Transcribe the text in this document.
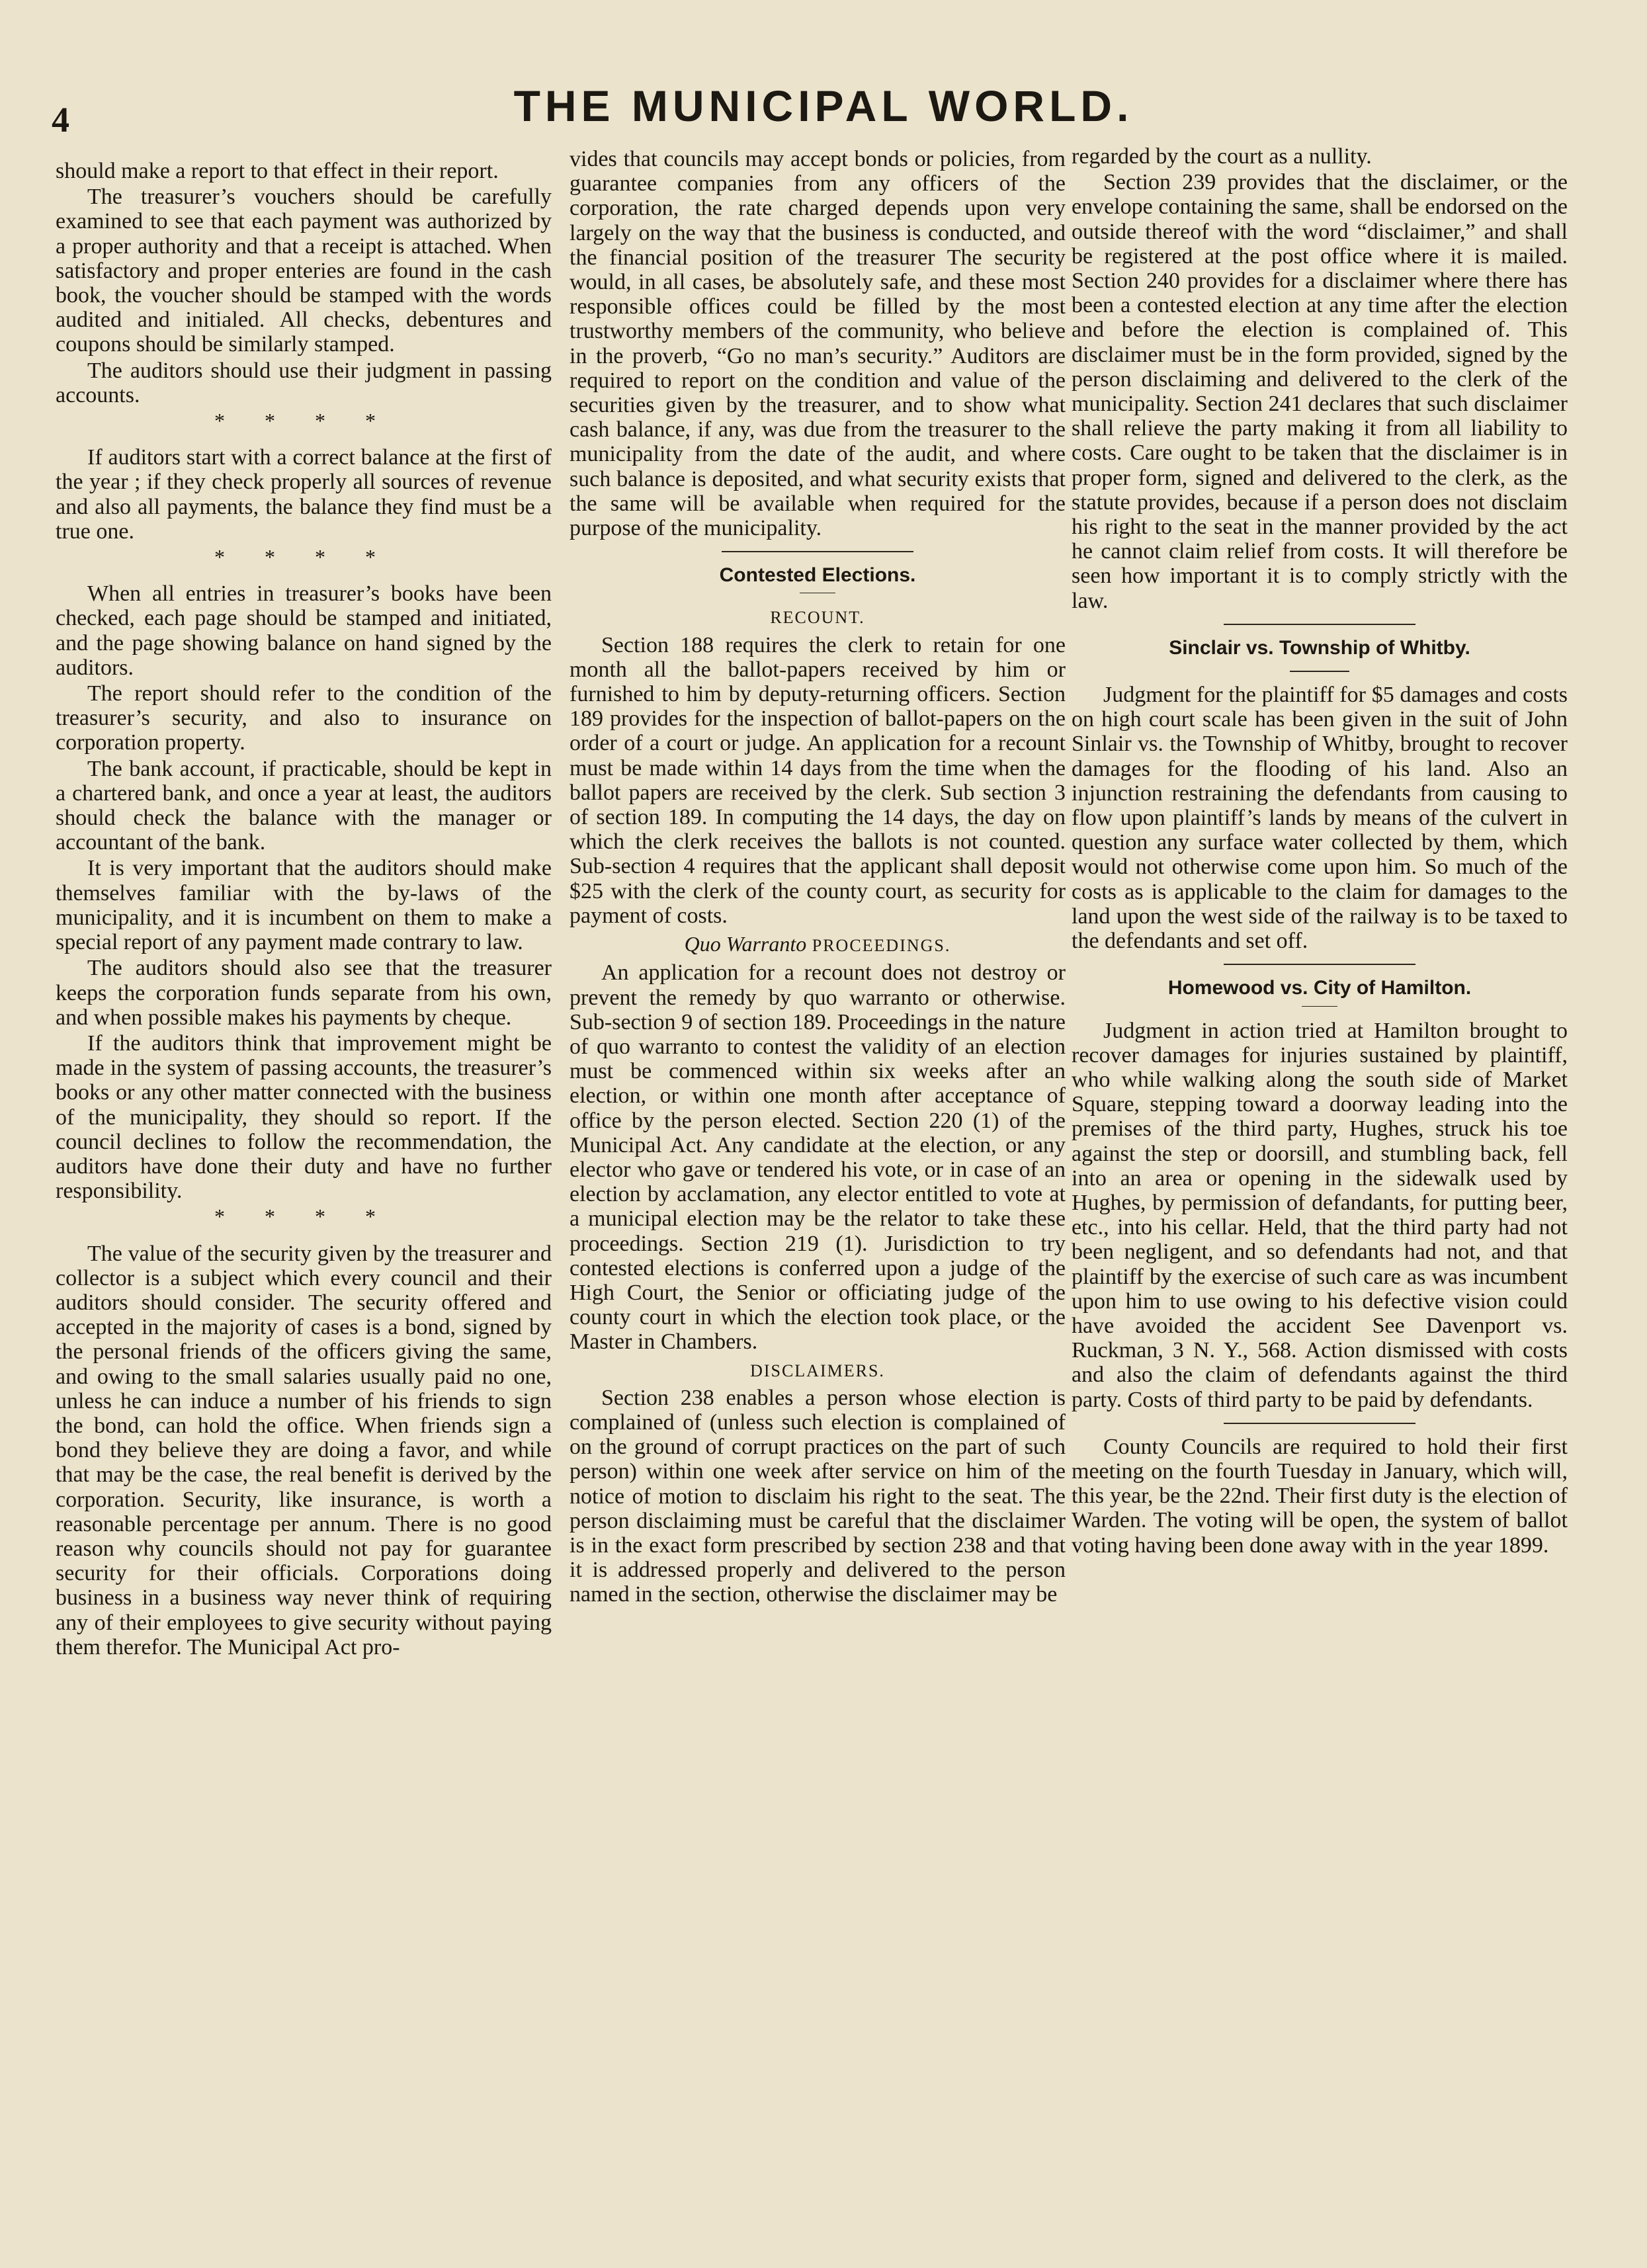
4	THE MUNICIPAL WORLD.

should make a report to that effect in their report.

The treasurer’s vouchers should be carefully examined to see that each payment was authorized by a proper authority and that a receipt is attached. When satisfactory and proper enteries are found in the cash book, the voucher should be stamped with the words audited and initialed. All checks, debentures and coupons should be similarly stamped.

The auditors should use their judgment in passing accounts.

* * * *

If auditors start with a correct balance at the first of the year ; if they check properly all sources of revenue and also all payments, the balance they find must be a true one.

* * * *

When all entries in treasurer’s books have been checked, each page should be stamped and initiated, and the page showing balance on hand signed by the auditors.

The report should refer to the condition of the treasurer’s security, and also to insurance on corporation property.

The bank account, if practicable, should be kept in a chartered bank, and once a year at least, the auditors should check the balance with the manager or accountant of the bank.

It is very important that the auditors should make themselves familiar with the by-laws of the municipality, and it is incumbent on them to make a special report of any payment made contrary to law.

The auditors should also see that the treasurer keeps the corporation funds separate from his own, and when possible makes his payments by cheque.

If the auditors think that improvement might be made in the system of passing accounts, the treasurer’s books or any other matter connected with the business of the municipality, they should so report. If the council declines to follow the recommendation, the auditors have done their duty and have no further responsibility.

* * * *

The value of the security given by the treasurer and collector is a subject which every council and their auditors should consider. The security offered and accepted in the majority of cases is a bond, signed by the personal friends of the officers giving the same, and owing to the small salaries usually paid no one, unless he can induce a number of his friends to sign the bond, can hold the office. When friends sign a bond they believe they are doing a favor, and while that may be the case, the real benefit is derived by the corporation. Security, like insurance, is worth a reasonable percentage per annum. There is no good reason why councils should not pay for guarantee security for their officials. Corporations doing business in a business way never think of requiring any of their employees to give security without paying them therefor. The Municipal Act pro-

vides that councils may accept bonds or policies, from guarantee companies from any officers of the corporation, the rate charged depends upon very largely on the way that the business is conducted, and the financial position of the treasurer The security would, in all cases, be absolutely safe, and these most responsible offices could be filled by the most trustworthy members of the community, who believe in the proverb, “Go no man’s security.” Auditors are required to report on the condition and value of the securities given by the treasurer, and to show what cash balance, if any, was due from the treasurer to the municipality from the date of the audit, and where such balance is deposited, and what security exists that the same will be available when required for the purpose of the municipality.

Contested Elections.
RECOUNT.

Section 188 requires the clerk to retain for one month all the ballot-papers received by him or furnished to him by deputy-returning officers. Section 189 provides for the inspection of ballot-papers on the order of a court or judge. An application for a recount must be made within 14 days from the time when the ballot papers are received by the clerk. Sub section 3 of section 189. In computing the 14 days, the day on which the clerk receives the ballots is not counted. Sub-section 4 requires that the applicant shall deposit $25 with the clerk of the county court, as security for payment of costs.

Quo Warranto PROCEEDINGS.

An application for a recount does not destroy or prevent the remedy by quo warranto or otherwise. Sub-section 9 of section 189. Proceedings in the nature of quo warranto to contest the validity of an election must be commenced within six weeks after an election, or within one month after acceptance of office by the person elected. Section 220 (1) of the Municipal Act. Any candidate at the election, or any elector who gave or tendered his vote, or in case of an election by acclamation, any elector entitled to vote at a municipal election may be the relator to take these proceedings. Section 219 (1). Jurisdiction to try contested elections is conferred upon a judge of the High Court, the Senior or officiating judge of the county court in which the election took place, or the Master in Chambers.

DISCLAIMERS.

Section 238 enables a person whose election is complained of (unless such election is complained of on the ground of corrupt practices on the part of such person) within one week after service on him of the notice of motion to disclaim his right to the seat. The person disclaiming must be careful that the disclaimer is in the exact form prescribed by section 238 and that it is addressed properly and delivered to the person named in the section, otherwise the disclaimer may be

regarded by the court as a nullity.

Section 239 provides that the disclaimer, or the envelope containing the same, shall be endorsed on the outside thereof with the word “disclaimer,” and shall be registered at the post office where it is mailed. Section 240 provides for a disclaimer where there has been a contested election at any time after the election and before the election is complained of. This disclaimer must be in the form provided, signed by the person disclaiming and delivered to the clerk of the municipality. Section 241 declares that such disclaimer shall relieve the party making it from all liability to costs. Care ought to be taken that the disclaimer is in proper form, signed and delivered to the clerk, as the statute provides, because if a person does not disclaim his right to the seat in the manner provided by the act he cannot claim relief from costs. It will therefore be seen how important it is to comply strictly with the law.

Sinclair vs. Township of Whitby.

Judgment for the plaintiff for $5 damages and costs on high court scale has been given in the suit of John Sinlair vs. the Township of Whitby, brought to recover damages for the flooding of his land. Also an injunction restraining the defendants from causing to flow upon plaintiff’s lands by means of the culvert in question any surface water collected by them, which would not otherwise come upon him. So much of the costs as is applicable to the claim for damages to the land upon the west side of the railway is to be taxed to the defendants and set off.

Homewood vs. City of Hamilton.

Judgment in action tried at Hamilton brought to recover damages for injuries sustained by plaintiff, who while walking along the south side of Market Square, stepping toward a doorway leading into the premises of the third party, Hughes, struck his toe against the step or doorsill, and stumbling back, fell into an area or opening in the sidewalk used by Hughes, by permission of defandants, for putting beer, etc., into his cellar. Held, that the third party had not been negligent, and so defendants had not, and that plaintiff by the exercise of such care as was incumbent upon him to use owing to his defective vision could have avoided the accident See Davenport vs. Ruckman, 3 N. Y., 568. Action dismissed with costs and also the claim of defendants against the third party. Costs of third party to be paid by defendants.

County Councils are required to hold their first meeting on the fourth Tuesday in January, which will, this year, be the 22nd. Their first duty is the election of Warden. The voting will be open, the system of ballot voting having been done away with in the year 1899.
